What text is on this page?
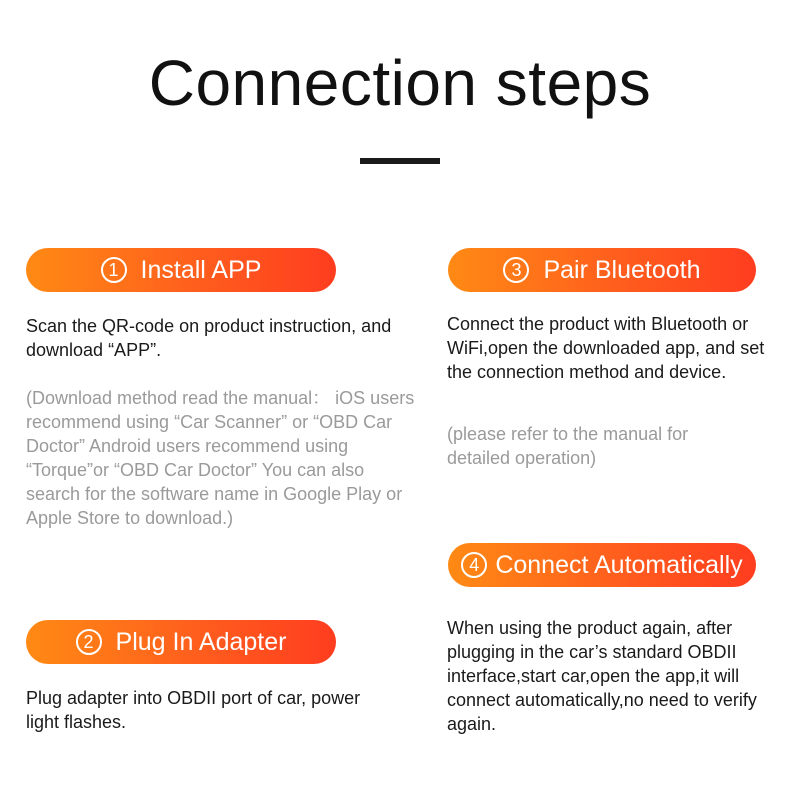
Connection steps
1 Install APP
Scan the QR-code on product instruction, and download “APP”.
(Download method read the manual： iOS users recommend using “Car Scanner” or “OBD Car Doctor” Android users recommend using “Torque”or “OBD Car Doctor” You can also search for the software name in Google Play or Apple Store to download.)
2 Plug In Adapter
Plug adapter into OBDII port of car, power light flashes.
3 Pair Bluetooth
Connect the product with Bluetooth or WiFi,open the downloaded app, and set the connection method and device.
(please refer to the manual for detailed operation)
4 Connect Automatically
When using the product again, after plugging in the car’s standard OBDII interface,start car,open the app,it will connect automatically,no need to verify again.
